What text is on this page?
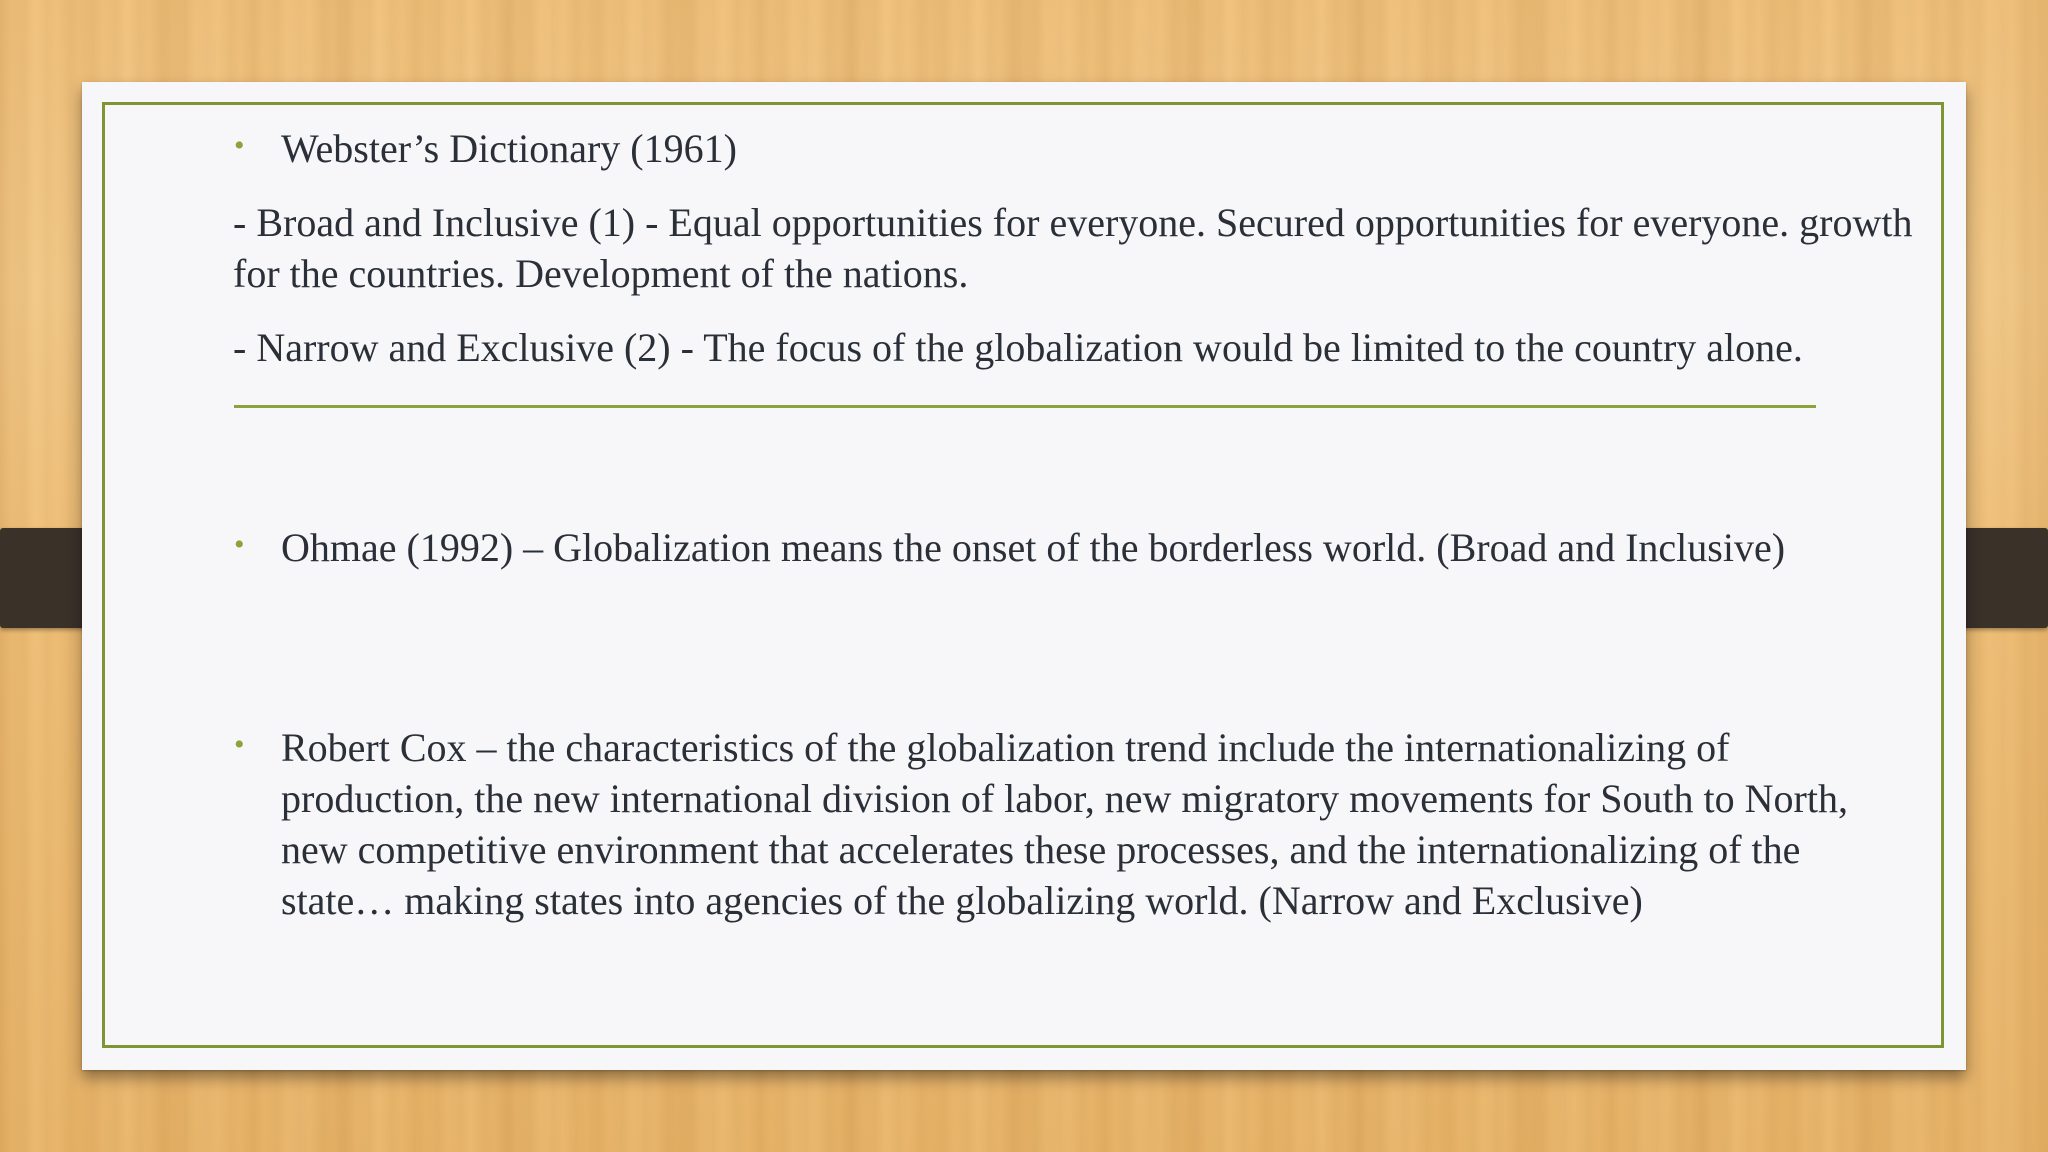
• Webster’s Dictionary (1961)
- Broad and Inclusive (1) - Equal opportunities for everyone. Secured opportunities for everyone. growth for the countries. Development of the nations.
- Narrow and Exclusive (2) - The focus of the globalization would be limited to the country alone.
• Ohmae (1992) – Globalization means the onset of the borderless world. (Broad and Inclusive)
• Robert Cox – the characteristics of the globalization trend include the internationalizing of production, the new international division of labor, new migratory movements for South to North, new competitive environment that accelerates these processes, and the internationalizing of the state… making states into agencies of the globalizing world. (Narrow and Exclusive)
